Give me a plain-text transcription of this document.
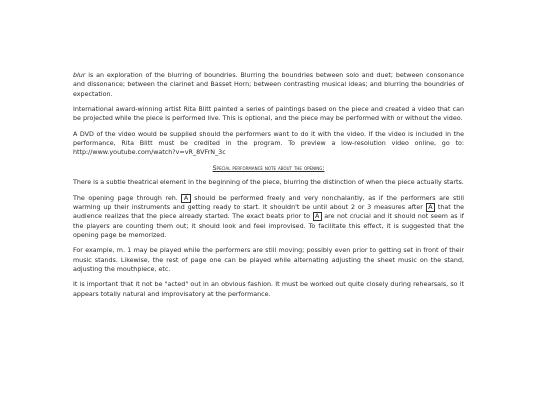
blur is an exploration of the blurring of boundries. Blurring the boundries between solo and duet; between consonance and dissonance; between the clarinet and Basset Horn; between contrasting musical ideas; and blurring the boundries of expectation.

International award-winning artist Rita Blitt painted a series of paintings based on the piece and created a video that can be projected while the piece is performed live. This is optional, and the piece may be performed with or without the video.

A DVD of the video would be supplied should the performers want to do it with the video. If the video is included in the performance, Rita Blitt must be credited in the program. To preview a low-resolution video online, go to: http://www.youtube.com/watch?v=vR_8VFrN_3c

Special performance note about the opening:

There is a subtle theatrical element in the beginning of the piece, blurring the distinction of when the piece actually starts.

The opening page through reh. A should be performed freely and very nonchalantly, as if the performers are still warming up their instruments and getting ready to start. It shouldn't be until about 2 or 3 measures after A that the audience realizes that the piece already started. The exact beats prior to A are not crucial and it should not seem as if the players are counting them out; it should look and feel improvised. To facilitate this effect, it is suggested that the opening page be memorized.

For example, m. 1 may be played while the performers are still moving; possibly even prior to getting set in front of their music stands. Likewise, the rest of page one can be played while alternating adjusting the sheet music on the stand, adjusting the mouthpiece, etc.

It is important that it not be "acted" out in an obvious fashion. It must be worked out quite closely during rehearsals, so it appears totally natural and improvisatory at the performance.
